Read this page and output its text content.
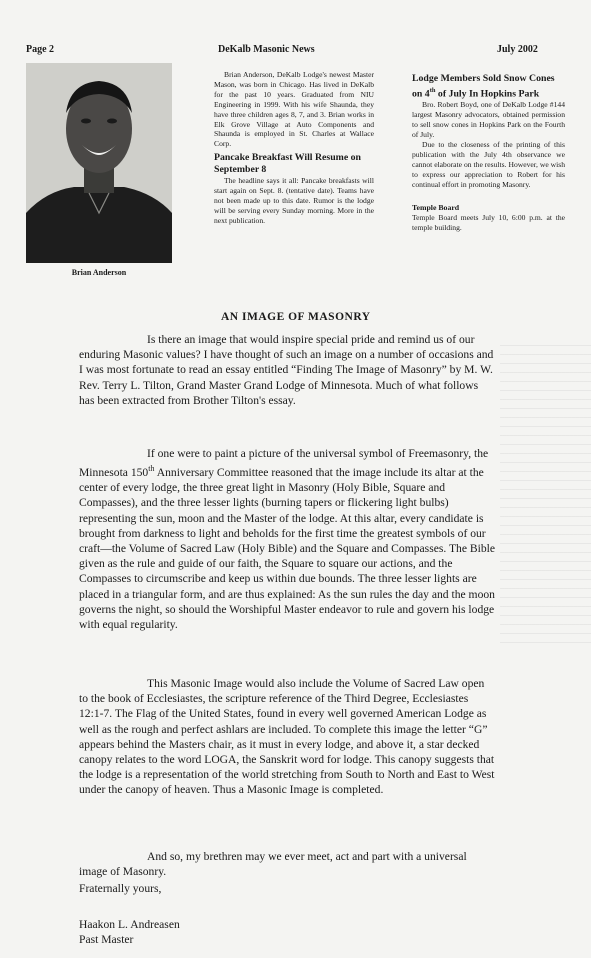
Page 2	DeKalb Masonic News	July 2002
Brian Anderson

Brian Anderson, DeKalb Lodge's newest Master Mason, was born in Chicago. Has lived in DeKalb for the past 10 years. Graduated from NIU Engineering in 1999. With his wife Shaunda, they have three children ages 8, 7, and 3. Brian works in Elk Grove Village at Auto Components and Shaunda is employed in St. Charles at Wallace Corp.

Pancake Breakfast Will Resume on September 8

The headline says it all: Pancake breakfasts will start again on Sept. 8. (tentative date). Teams have not been made up to this date. Rumor is the lodge will be serving every Sunday morning. More in the next publication.

Lodge Members Sold Snow Cones on 4th of July In Hopkins Park

Bro. Robert Boyd, one of DeKalb Lodge #144 largest Masonry advocators, obtained permission to sell snow cones in Hopkins Park on the Fourth of July.

Due to the closeness of the printing of this publication with the July 4th observance we cannot elaborate on the results. However, we wish to express our appreciation to Robert for his continual effort in promoting Masonry.

Temple Board

Temple Board meets July 10, 6:00 p.m. at the temple building.

AN IMAGE OF MASONRY

Is there an image that would inspire special pride and remind us of our enduring Masonic values? I have thought of such an image on a number of occasions and I was most fortunate to read an essay entitled “Finding The Image of Masonry” by M. W. Rev. Terry L. Tilton, Grand Master Grand Lodge of Minnesota. Much of what follows has been extracted from Brother Tilton's essay.

If one were to paint a picture of the universal symbol of Freemasonry, the Minnesota 150th Anniversary Committee reasoned that the image include its altar at the center of every lodge, the three great light in Masonry (Holy Bible, Square and Compasses), and the three lesser lights (burning tapers or flickering light bulbs) representing the sun, moon and the Master of the lodge. At this altar, every candidate is brought from darkness to light and beholds for the first time the greatest symbols of our craft—the Volume of Sacred Law (Holy Bible) and the Square and Compasses. The Bible given as the rule and guide of our faith, the Square to square our actions, and the Compasses to circumscribe and keep us within due bounds. The three lesser lights are placed in a triangular form, and are thus explained: As the sun rules the day and the moon governs the night, so should the Worshipful Master endeavor to rule and govern his lodge with equal regularity.

This Masonic Image would also include the Volume of Sacred Law open to the book of Ecclesiastes, the scripture reference of the Third Degree, Ecclesiastes 12:1-7. The Flag of the United States, found in every well governed American Lodge as well as the rough and perfect ashlars are included. To complete this image the letter “G” appears behind the Masters chair, as it must in every lodge, and above it, a star decked canopy relates to the word LOGA, the Sanskrit word for lodge. This canopy suggests that the lodge is a representation of the world stretching from South to North and East to West under the canopy of heaven. Thus a Masonic Image is completed.

And so, my brethren may we ever meet, act and part with a universal image of Masonry.

Fraternally yours,
Haakon L. Andreasen
Past Master
